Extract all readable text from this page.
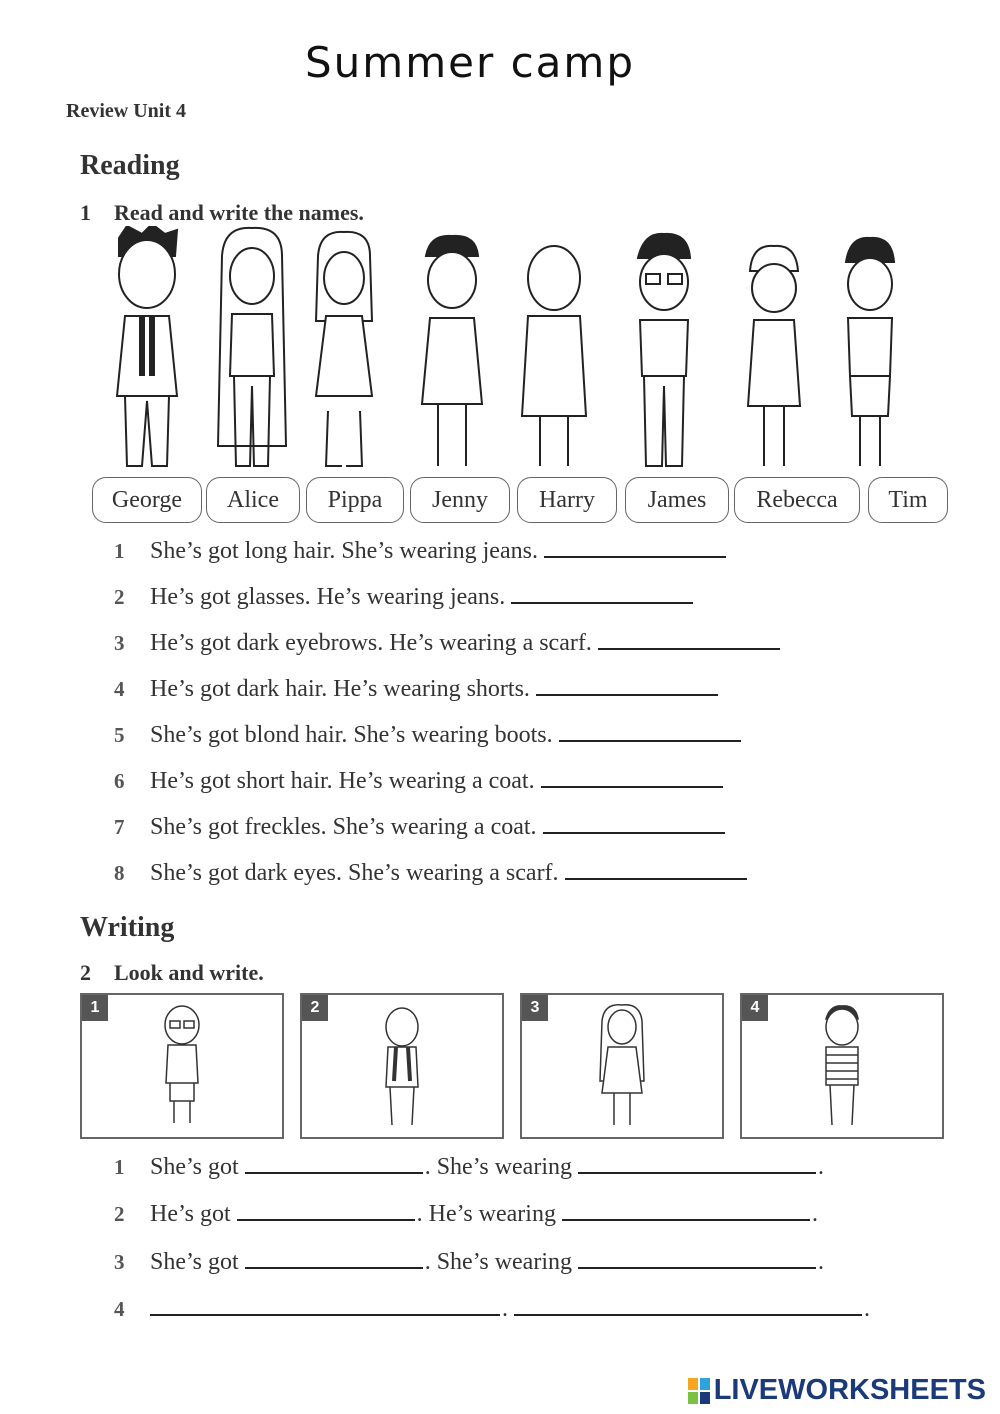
Summer camp
Review Unit 4
Reading
1 Read and write the names.
George	Alice	Pippa	Jenny	Harry	James	Rebecca	Tim
1 She’s got long hair. She’s wearing jeans.
2 He’s got glasses. He’s wearing jeans.
3 He’s got dark eyebrows. He’s wearing a scarf.
4 He’s got dark hair. He’s wearing shorts.
5 She’s got blond hair. She’s wearing boots.
6 He’s got short hair. He’s wearing a coat.
7 She’s got freckles. She’s wearing a coat.
8 She’s got dark eyes. She’s wearing a scarf.
Writing
2 Look and write.
1	2	3	4
1 She’s got	. She’s wearing	.
2 He’s got	. He’s wearing	.
3 She’s got	. She’s wearing	.
4	.	.
LIVEWORKSHEETS
